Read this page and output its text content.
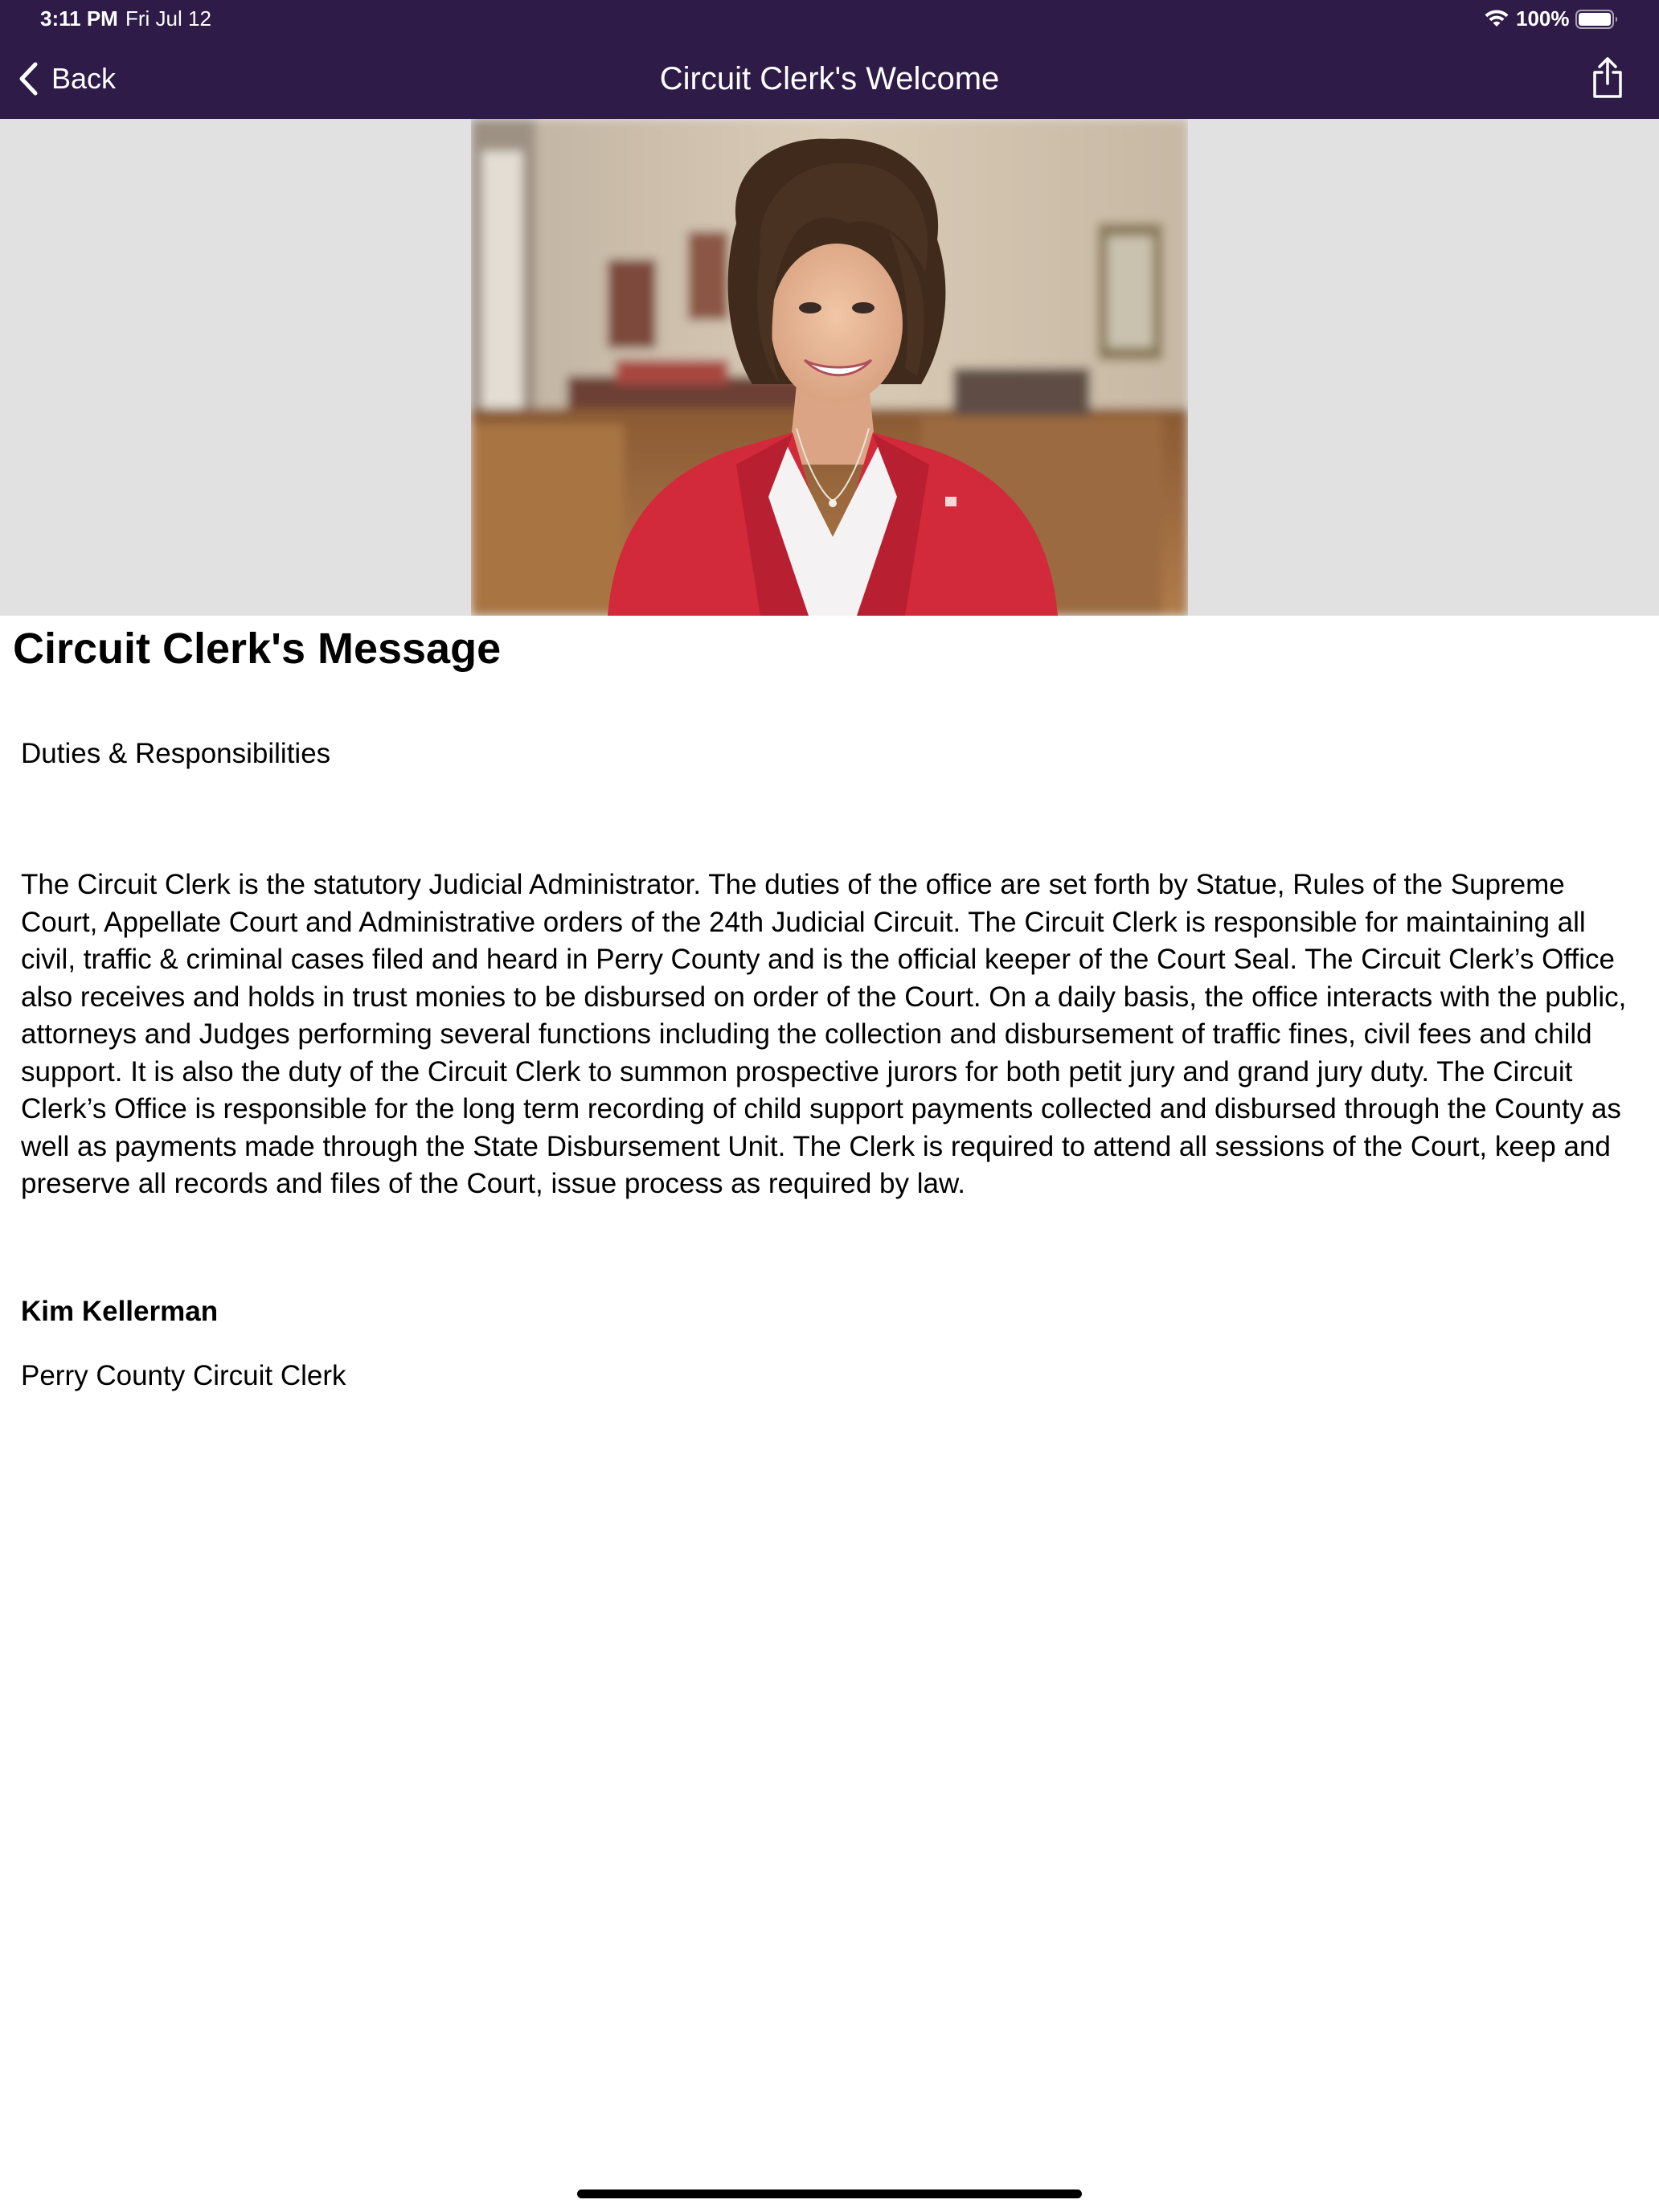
3:11 PM Fri Jul 12	100%
Circuit Clerk's Welcome
Back
Circuit Clerk's Message
Duties & Responsibilities

The Circuit Clerk is the statutory Judicial Administrator. The duties of the office are set forth by Statue, Rules of the Supreme Court, Appellate Court and Administrative orders of the 24th Judicial Circuit. The Circuit Clerk is responsible for maintaining all civil, traffic & criminal cases filed and heard in Perry County and is the official keeper of the Court Seal. The Circuit Clerk’s Office also receives and holds in trust monies to be disbursed on order of the Court. On a daily basis, the office interacts with the public, attorneys and Judges performing several functions including the collection and disbursement of traffic fines, civil fees and child support. It is also the duty of the Circuit Clerk to summon prospective jurors for both petit jury and grand jury duty. The Circuit Clerk’s Office is responsible for the long term recording of child support payments collected and disbursed through the County as well as payments made through the State Disbursement Unit. The Clerk is required to attend all sessions of the Court, keep and preserve all records and files of the Court, issue process as required by law.

Kim Kellerman
Perry County Circuit Clerk
